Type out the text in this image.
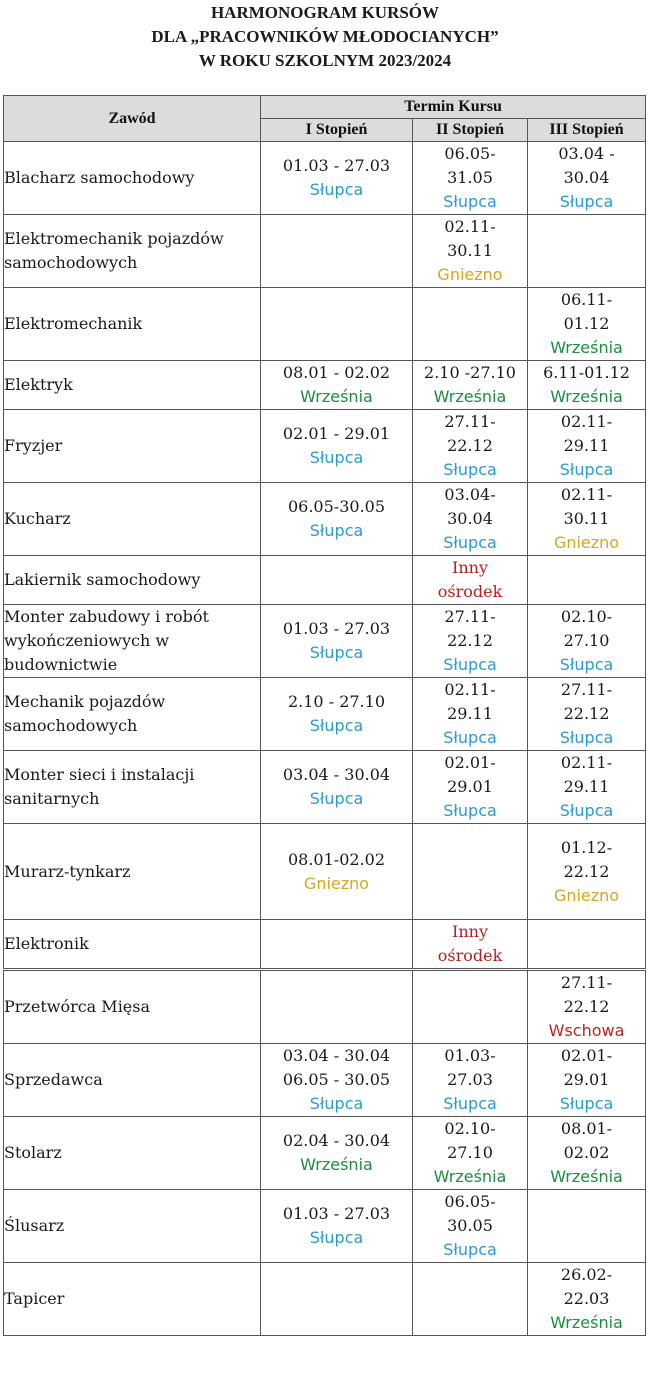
HARMONOGRAM KURSÓW
DLA „PRACOWNIKÓW MŁODOCIANYCH”
W ROKU SZKOLNYM 2023/2024
Zawód	Termin Kursu		
	I Stopień	II Stopień	III Stopień
Blacharz samochodowy	01.03 - 27.03
Słupca	06.05-
31.05
Słupca	03.04 -
30.04
Słupca

Elektromechanik pojazdów samochodowych		02.11-
30.11
Gniezno	

Elektromechanik			06.11-
01.12
Września

Elektryk	08.01 - 02.02
Września	2.10 -27.10
Września	6.11-01.12
Września

Fryzjer	02.01 - 29.01
Słupca	27.11-
22.12
Słupca	02.11-
29.11
Słupca

Kucharz	06.05-30.05
Słupca	03.04-
30.04
Słupca	02.11-
30.11
Gniezno

Lakiernik samochodowy		Inny
ośrodek	

Monter zabudowy i robót wykończeniowych w budownictwie	01.03 - 27.03
Słupca	27.11-
22.12
Słupca	02.10-
27.10
Słupca

Mechanik pojazdów samochodowych	2.10 - 27.10
Słupca	02.11-
29.11
Słupca	27.11-
22.12
Słupca

Monter sieci i instalacji sanitarnych	03.04 - 30.04
Słupca	02.01-
29.01
Słupca	02.11-
29.11
Słupca

Murarz-tynkarz	08.01-02.02
Gniezno		01.12-
22.12
Gniezno

Elektronik		Inny
ośrodek	

Przetwórca Mięsa			27.11-
22.12
Wschowa

Sprzedawca	03.04 - 30.04
06.05 - 30.05
Słupca	01.03-
27.03
Słupca	02.01-
29.01
Słupca

Stolarz	02.04 - 30.04
Września	02.10-
27.10
Września	08.01-
02.02
Września

Ślusarz	01.03 - 27.03
Słupca	06.05-
30.05
Słupca	

Tapicer			26.02-
22.03
Września
